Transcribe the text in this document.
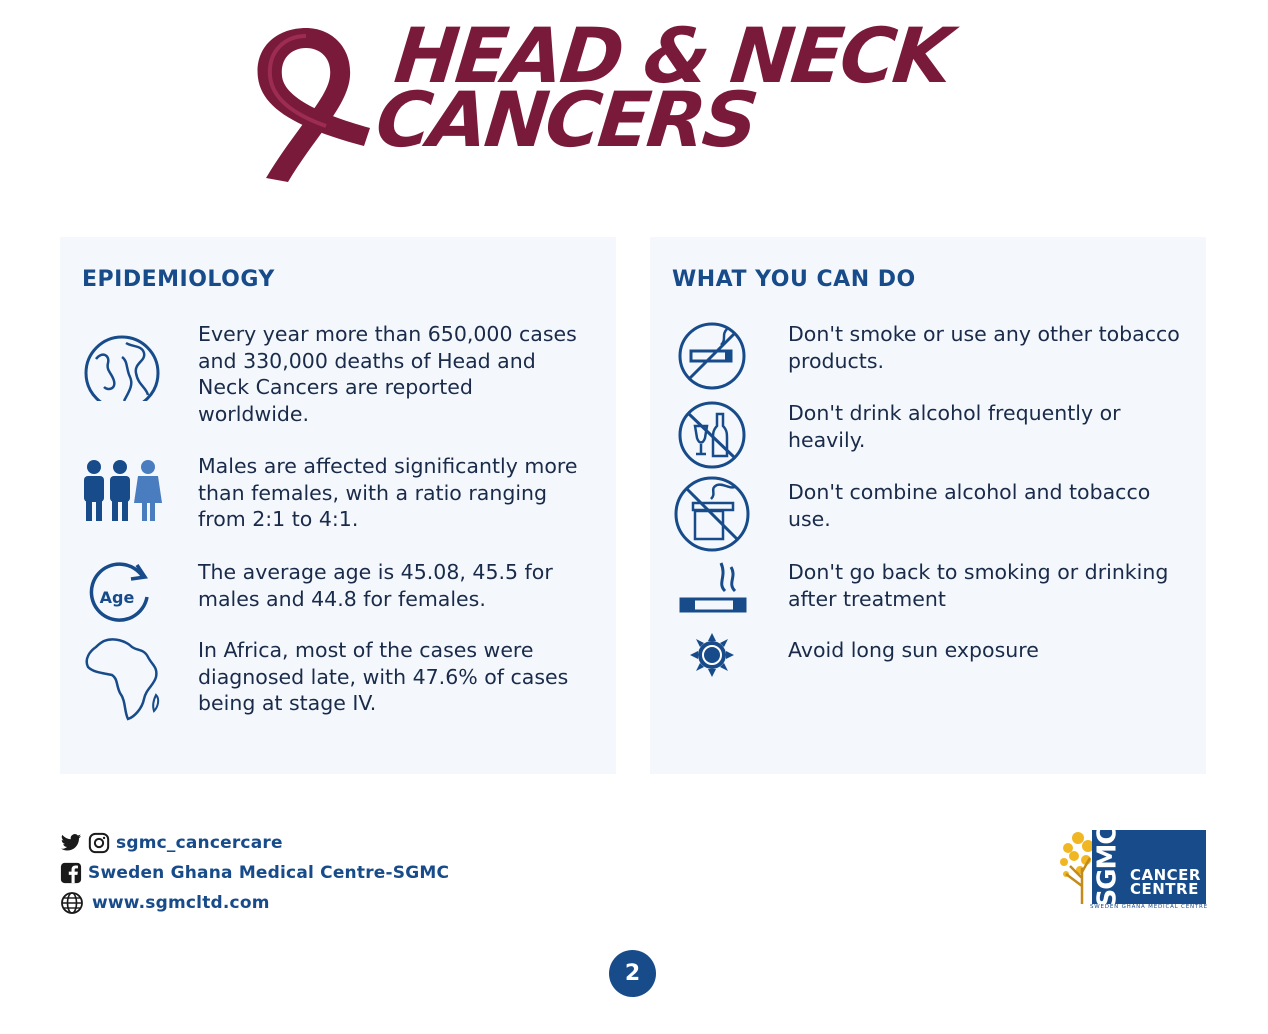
HEAD & NECK
CANCERS
EPIDEMIOLOGY
Every year more than 650,000 cases and 330,000 deaths of Head and Neck Cancers are reported worldwide.
Males are affected significantly more than females, with a ratio ranging from 2:1 to 4:1.
Age
The average age is 45.08, 45.5 for males and 44.8 for females.
In Africa, most of the cases were diagnosed late, with 47.6% of cases being at stage IV.
WHAT YOU CAN DO
Don't smoke or use any other tobacco products.
Don't drink alcohol frequently or heavily.
Don't combine alcohol and tobacco use.
Don't go back to smoking or drinking after treatment
Avoid long sun exposure
sgmc_cancercare
Sweden Ghana Medical Centre-SGMC
www.sgmcltd.com	SGMC CANCER
CENTRE
SWEDEN GHANA MEDICAL CENTRE
2
